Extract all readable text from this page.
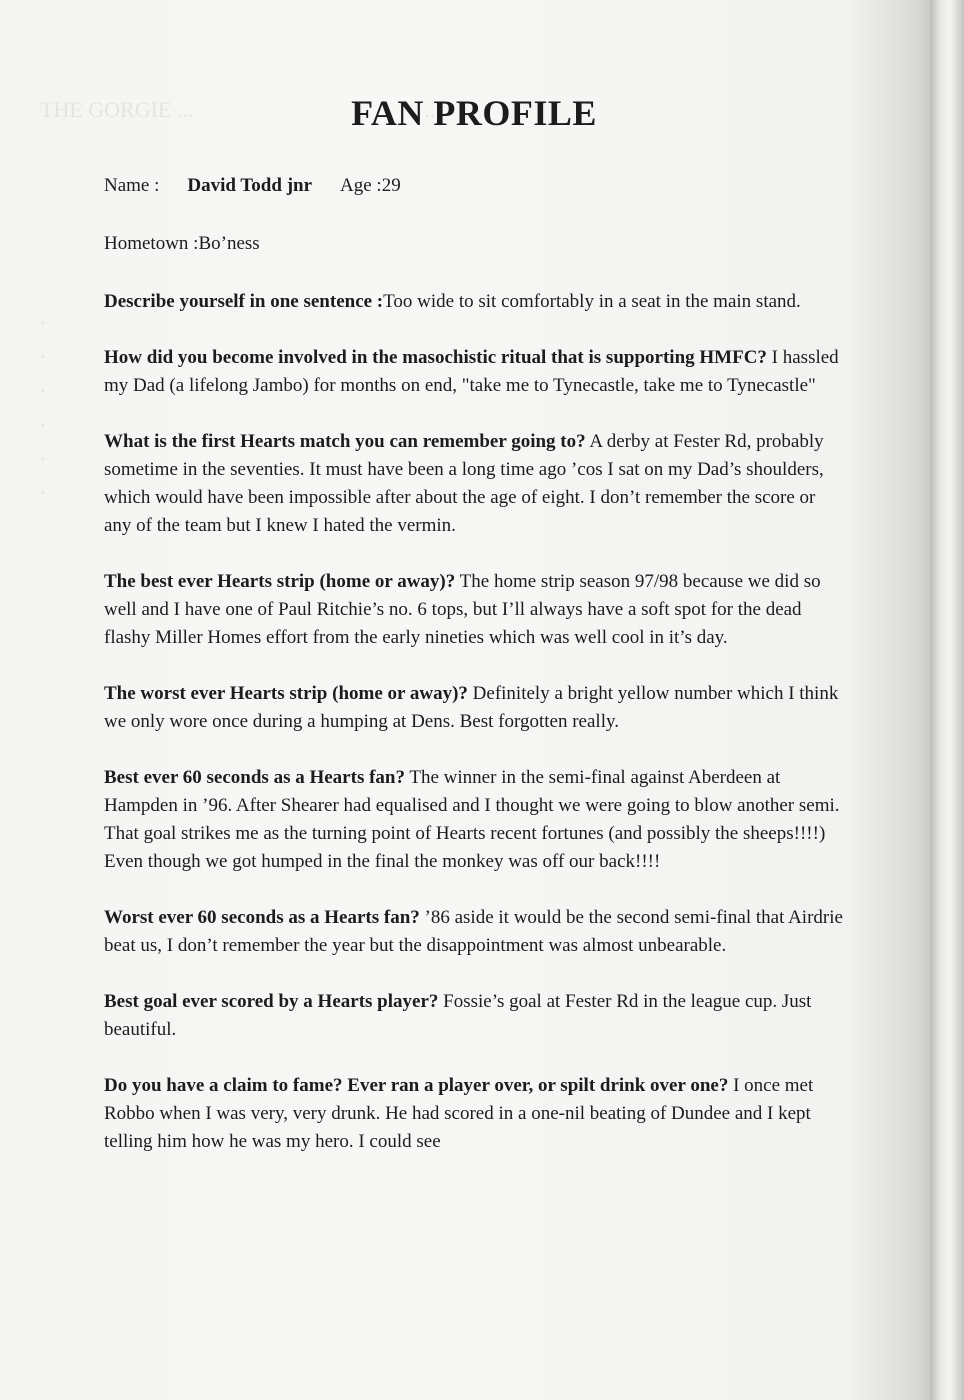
THE GORGIE ...                                          ...
.
.
.
.
.
.
FAN PROFILE
Name : David Todd jnr Age :29
Hometown :Bo’ness

Describe yourself in one sentence :Too wide to sit comfortably in a seat in the main stand.

How did you become involved in the masochistic ritual that is supporting HMFC? I hassled my Dad (a lifelong Jambo) for months on end, "take me to Tynecastle, take me to Tynecastle"

What is the first Hearts match you can remember going to? A derby at Fester Rd, probably sometime in the seventies. It must have been a long time ago ’cos I sat on my Dad’s shoulders, which would have been impossible after about the age of eight. I don’t remember the score or any of the team but I knew I hated the vermin.

The best ever Hearts strip (home or away)? The home strip season 97/98 because we did so well and I have one of Paul Ritchie’s no. 6 tops, but I’ll always have a soft spot for the dead flashy Miller Homes effort from the early nineties which was well cool in it’s day.

The worst ever Hearts strip (home or away)? Definitely a bright yellow number which I think we only wore once during a humping at Dens. Best forgotten really.

Best ever 60 seconds as a Hearts fan? The winner in the semi-final against Aberdeen at Hampden in ’96. After Shearer had equalised and I thought we were going to blow another semi. That goal strikes me as the turning point of Hearts recent fortunes (and possibly the sheeps!!!!) Even though we got humped in the final the monkey was off our back!!!!

Worst ever 60 seconds as a Hearts fan? ’86 aside it would be the second semi-final that Airdrie beat us, I don’t remember the year but the disappointment was almost unbearable.

Best goal ever scored by a Hearts player? Fossie’s goal at Fester Rd in the league cup. Just beautiful.

Do you have a claim to fame? Ever ran a player over, or spilt drink over one? I once met Robbo when I was very, very drunk. He had scored in a one-nil beating of Dundee and I kept telling him how he was my hero. I could see
